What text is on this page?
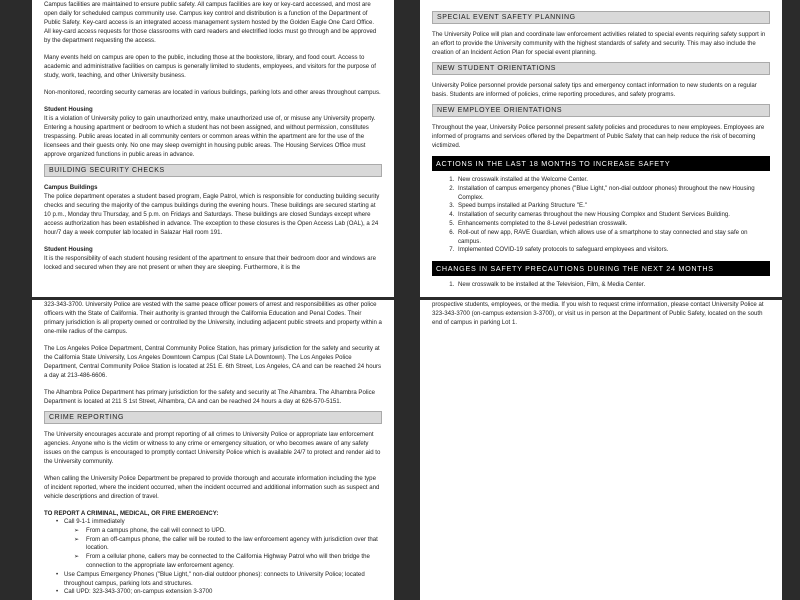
Campus facilities are maintained to ensure public safety. All campus facilities are key or key-card accessed, and most are open daily for scheduled campus community use. Campus key control and distribution is a function of the Department of Public Safety. Key-card access is an integrated access management system hosted by the Golden Eagle One Card Office. All key-card access requests for those classrooms with card readers and electrified locks must go through and be approved by the department requesting the access.

Many events held on campus are open to the public, including those at the bookstore, library, and food court. Access to academic and administrative facilities on campus is generally limited to students, employees, and visitors for the purpose of study, work, teaching, and other University business.

Non-monitored, recording security cameras are located in various buildings, parking lots and other areas throughout campus.

Student Housing

It is a violation of University policy to gain unauthorized entry, make unauthorized use of, or misuse any University property. Entering a housing apartment or bedroom to which a student has not been assigned, and without permission, constitutes trespassing. Public areas located in all community centers or common areas within the apartment are for the use of the licensees and their guests only. No one may sleep overnight in housing public areas. The Housing Services Office must approve organized functions in public areas in advance.

BUILDING SECURITY CHECKS

Campus Buildings

The police department operates a student based program, Eagle Patrol, which is responsible for conducting building security checks and securing the majority of the campus buildings during the evening hours. These buildings are secured starting at 10 p.m., Monday thru Thursday, and 5 p.m. on Fridays and Saturdays. These buildings are closed Sundays except where access authorization has been established in advance. The exception to these closures is the Open Access Lab (OAL), a 24 hour/7 day a week computer lab located in Salazar Hall room 191.

Student Housing

It is the responsibility of each student housing resident of the apartment to ensure that their bedroom door and windows are locked and secured when they are not present or when they are sleeping. Furthermore, it is the

SPECIAL EVENT SAFETY PLANNING

The University Police will plan and coordinate law enforcement activities related to special events requiring safety support in an effort to provide the University community with the highest standards of safety and security. This may also include the creation of an Incident Action Plan for special event planning.

NEW STUDENT ORIENTATIONS

University Police personnel provide personal safety tips and emergency contact information to new students on a regular basis. Students are informed of policies, crime reporting procedures, and safety programs.

NEW EMPLOYEE ORIENTATIONS

Throughout the year, University Police personnel present safety policies and procedures to new employees. Employees are informed of programs and services offered by the Department of Public Safety that can help reduce the risk of becoming victimized.

ACTIONS IN THE LAST 18 MONTHS TO INCREASE SAFETY
1. New crosswalk installed at the Welcome Center.
2. Installation of campus emergency phones ("Blue Light," non-dial outdoor phones) throughout the new Housing Complex.
3. Speed bumps installed at Parking Structure "E."
4. Installation of security cameras throughout the new Housing Complex and Student Services Building.
5. Enhancements completed to the 8-Level pedestrian crosswalk.
6. Roll-out of new app, RAVE Guardian, which allows use of a smartphone to stay connected and stay safe on campus.
7. Implemented COVID-19 safety protocols to safeguard employees and visitors.
CHANGES IN SAFETY PRECAUTIONS DURING THE NEXT 24 MONTHS
1. New crosswalk to be installed at the Television, Film, & Media Center.

323-343-3700. University Police are vested with the same peace officer powers of arrest and responsibilities as other police officers with the State of California. Their authority is granted through the California Education and Penal Codes. Their primary jurisdiction is all property owned or controlled by the University, including adjacent public streets and property within a one-mile radius of the campus.

The Los Angeles Police Department, Central Community Police Station, has primary jurisdiction for the safety and security at the California State University, Los Angeles Downtown Campus (Cal State LA Downtown). The Los Angeles Police Department, Central Community Police Station is located at 251 E. 6th Street, Los Angeles, CA and can be reached 24 hours a day at 213-486-6606.

The Alhambra Police Department has primary jurisdiction for the safety and security at The Alhambra. The Alhambra Police Department is located at 211 S 1st Street, Alhambra, CA and can be reached 24 hours a day at 626-570-5151.

CRIME REPORTING

The University encourages accurate and prompt reporting of all crimes to University Police or appropriate law enforcement agencies. Anyone who is the victim or witness to any crime or emergency situation, or who becomes aware of any safety issues on the campus is encouraged to promptly contact University Police which is available 24/7 to protect and render aid to the University community.

When calling the University Police Department be prepared to provide thorough and accurate information including the type of incident reported, where the incident occurred, when the incident occurred and additional information such as suspect and vehicle descriptions and direction of travel.

TO REPORT A CRIMINAL, MEDICAL, OR FIRE EMERGENCY:

• Call 9-1-1 immediately
➢ From a campus phone, the call will connect to UPD.
➢ From an off-campus phone, the caller will be routed to the law enforcement agency with jurisdiction over that location.
➢ From a cellular phone, callers may be connected to the California Highway Patrol who will then bridge the connection to the appropriate law enforcement agency.
• Use Campus Emergency Phones ("Blue Light," non-dial outdoor phones): connects to University Police; located throughout campus, parking lots and structures.
• Call UPD: 323-343-3700; on-campus extension 3-3700

prospective students, employees, or the media. If you wish to request crime information, please contact University Police at 323-343-3700 (on-campus extension 3-3700), or visit us in person at the Department of Public Safety, located on the south end of campus in parking Lot 1.
